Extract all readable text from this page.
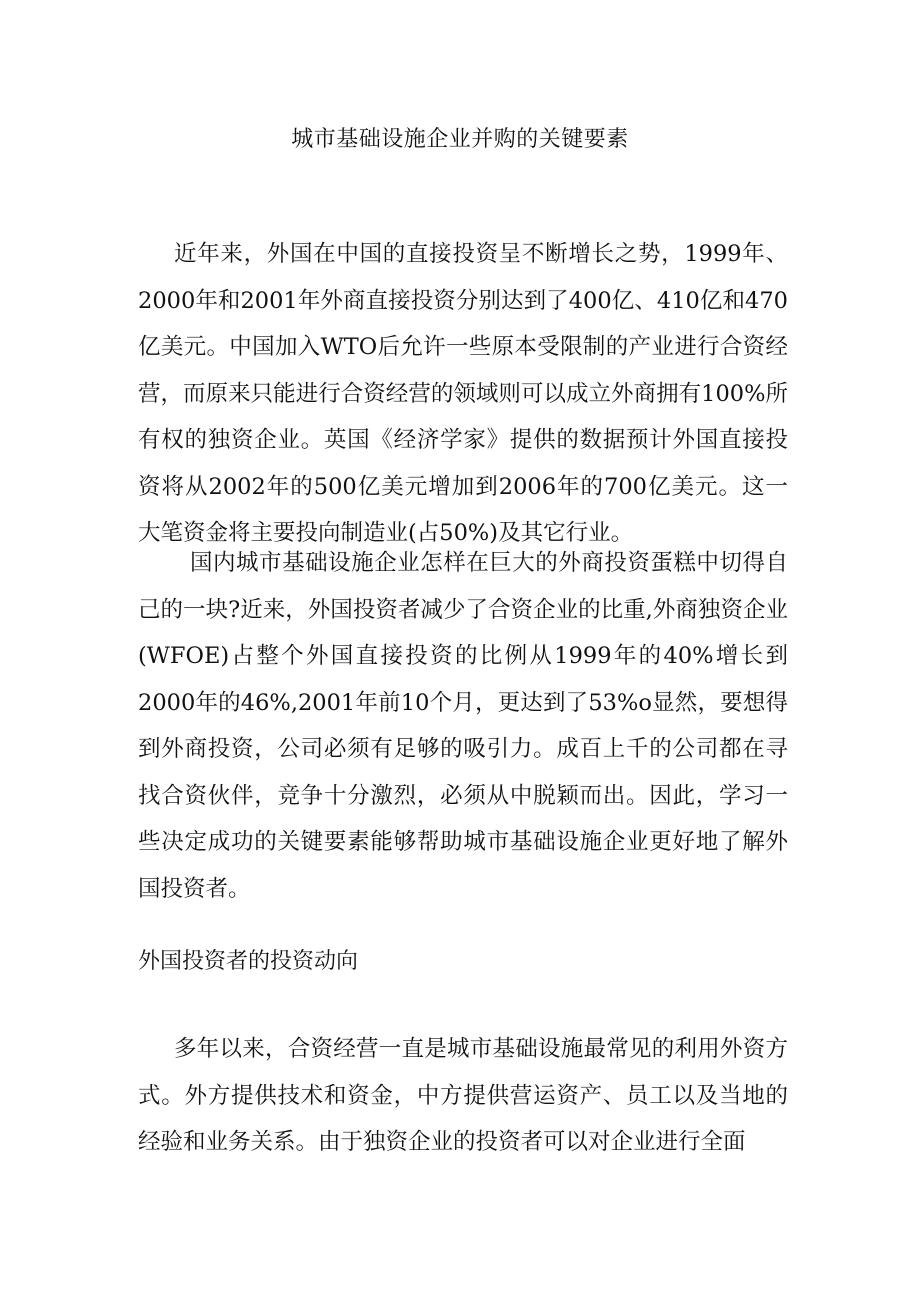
城市基础设施企业并购的关键要素

近年来，外国在中国的直接投资呈不断增长之势，1999年、2000年和2001年外商直接投资分别达到了400亿、410亿和470亿美元。中国加入WTO后允许一些原本受限制的产业进行合资经营，而原来只能进行合资经营的领域则可以成立外商拥有100%所有权的独资企业。英国《经济学家》提供的数据预计外国直接投资将从2002年的500亿美元增加到2006年的700亿美元。这一大笔资金将主要投向制造业(占50%)及其它行业。

国内城市基础设施企业怎样在巨大的外商投资蛋糕中切得自己的一块?近来，外国投资者减少了合资企业的比重,外商独资企业(WFOE)占整个外国直接投资的比例从1999年的40%增长到2000年的46%,2001年前10个月，更达到了53%o显然，要想得到外商投资，公司必须有足够的吸引力。成百上千的公司都在寻找合资伙伴，竞争十分激烈，必须从中脱颖而出。因此，学习一些决定成功的关键要素能够帮助城市基础设施企业更好地了解外国投资者。

外国投资者的投资动向

多年以来，合资经营一直是城市基础设施最常见的利用外资方式。外方提供技术和资金，中方提供营运资产、员工以及当地的经验和业务关系。由于独资企业的投资者可以对企业进行全面
